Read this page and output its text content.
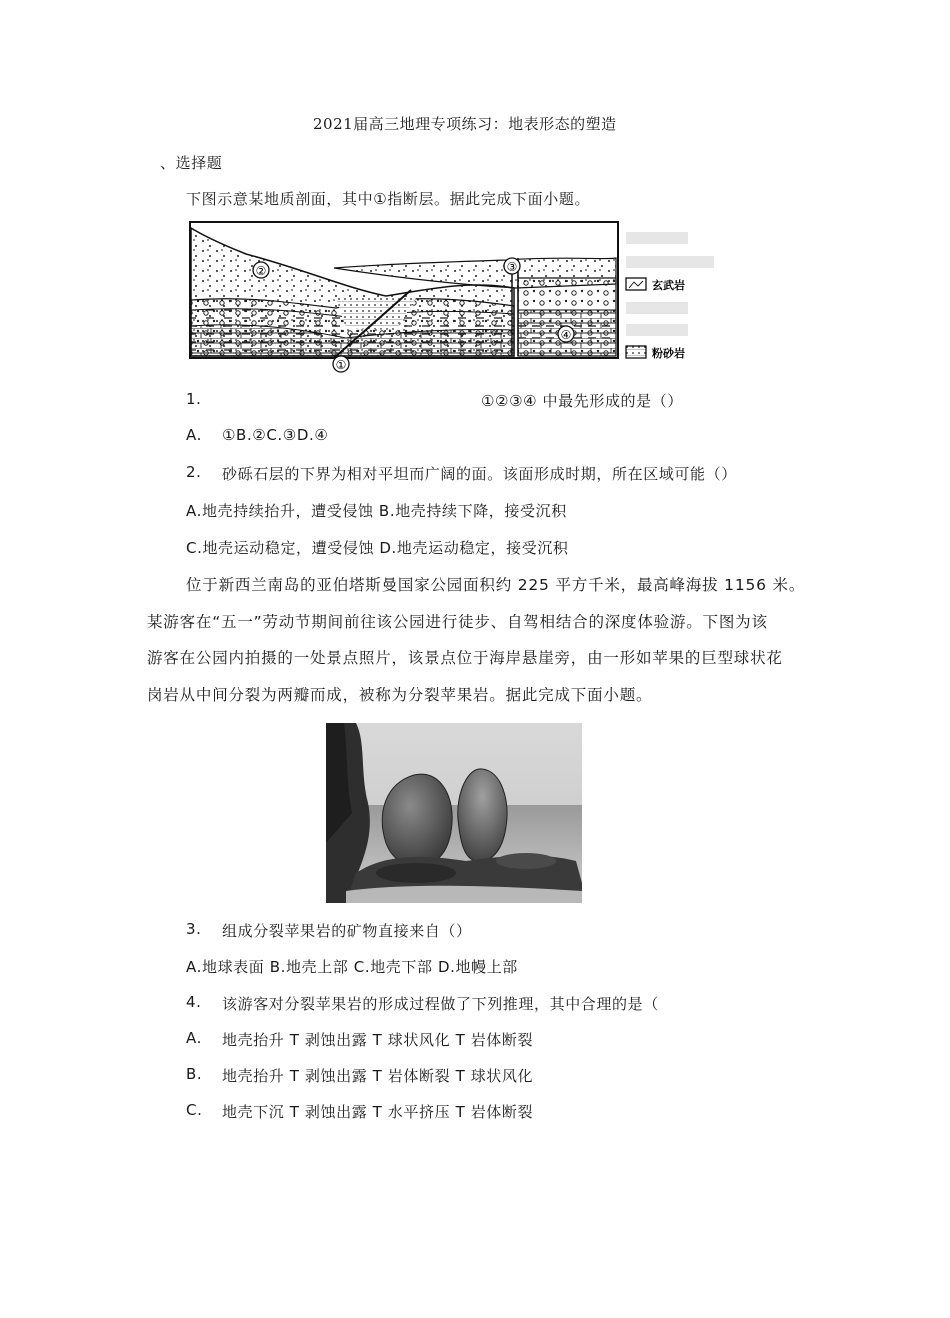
2021届高三地理专项练习：地表形态的塑造
、选择题
下图示意某地质剖面，其中①指断层。据此完成下面小题。
②	③
④
①
玄武岩
粉砂岩
1.	①②③④ 中最先形成的是（）
A. ①B.②C.③D.④
2. 砂砾石层的下界为相对平坦而广阔的面。该面形成时期，所在区域可能（）
A.地壳持续抬升，遭受侵蚀 B.地壳持续下降，接受沉积
C.地壳运动稳定，遭受侵蚀 D.地壳运动稳定，接受沉积
位于新西兰南岛的亚伯塔斯曼国家公园面积约 225 平方千米，最高峰海拔 1156 米。
某游客在“五一”劳动节期间前往该公园进行徒步、自驾相结合的深度体验游。下图为该
游客在公园内拍摄的一处景点照片，该景点位于海岸悬崖旁，由一形如苹果的巨型球状花
岗岩从中间分裂为两瓣而成，被称为分裂苹果岩。据此完成下面小题。
3. 组成分裂苹果岩的矿物直接来自（）
A.地球表面 B.地壳上部 C.地壳下部 D.地幔上部
4. 该游客对分裂苹果岩的形成过程做了下列推理，其中合理的是（
A. 地壳抬升 T 剥蚀出露 T 球状风化 T 岩体断裂
B. 地壳抬升 T 剥蚀出露 T 岩体断裂 T 球状风化
C. 地壳下沉 T 剥蚀出露 T 水平挤压 T 岩体断裂
